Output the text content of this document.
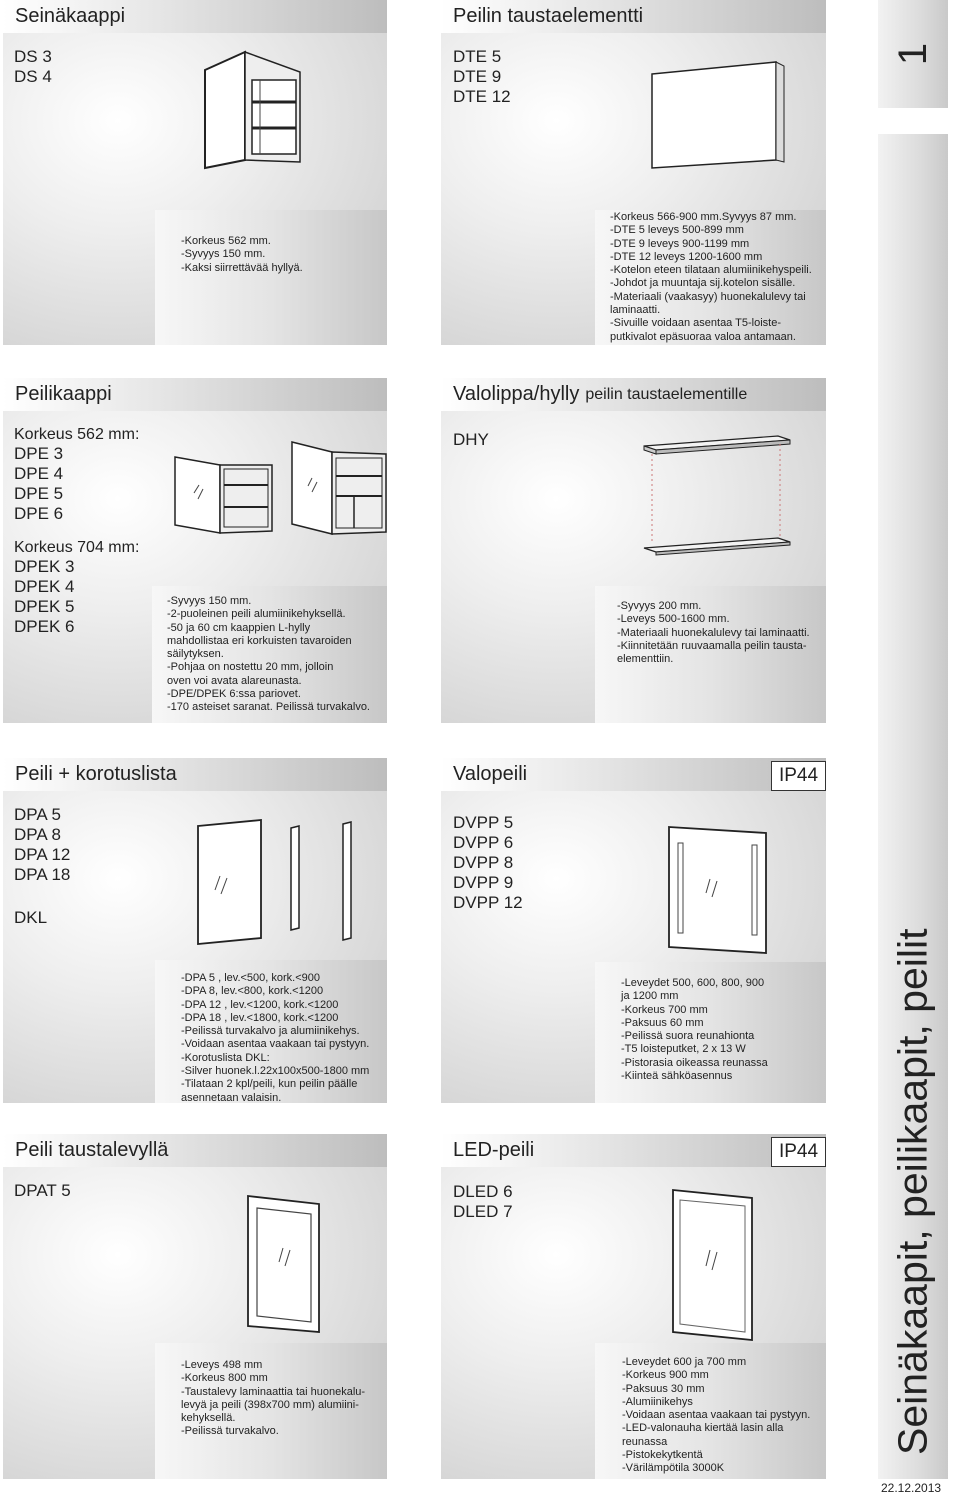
Seinäkaappi
DS 3
DS 4
-Korkeus 562 mm.
-Syvyys 150 mm.
-Kaksi siirrettävää hyllyä.
Peilin taustaelementti
DTE 5
DTE 9
DTE 12
-Korkeus 566-900 mm.Syvyys 87 mm.
-DTE 5 leveys 500-899 mm
-DTE 9 leveys 900-1199 mm
-DTE 12 leveys 1200-1600 mm
-Kotelon eteen tilataan alumiinikehyspeili.
-Johdot ja muuntaja sij.kotelon sisälle.
-Materiaali (vaakasyy) huonekalulevy tai
laminaatti.
-Sivuille voidaan asentaa T5-loiste-
putkivalot epäsuoraa valoa antamaan.
Peilikaappi
Korkeus 562 mm:
DPE 3
DPE 4
DPE 5
DPE 6
Korkeus 704 mm:
DPEK 3
DPEK 4
DPEK 5
DPEK 6
-Syvyys 150 mm.
-2-puoleinen peili alumiinikehyksellä.
-50 ja 60 cm kaappien L-hylly
mahdollistaa eri korkuisten tavaroiden
säilytyksen.
-Pohjaa on nostettu 20 mm, jolloin
oven voi avata alareunasta.
-DPE/DPEK 6:ssa pariovet.
-170 asteiset saranat. Peilissä turvakalvo.
Valolippa/hylly peilin taustaelementille
DHY
-Syvyys 200 mm.
-Leveys 500-1600 mm.
-Materiaali huonekalulevy tai laminaatti.
-Kiinnitetään ruuvaamalla peilin tausta-
elementtiin.
Peili + korotuslista
DPA 5
DPA 8
DPA 12
DPA 18
DKL
-DPA 5 , lev.<500, kork.<900
-DPA 8, lev.<800, kork.<1200
-DPA 12 , lev.<1200, kork.<1200
-DPA 18 , lev.<1800, kork.<1200
-Peilissä turvakalvo ja alumiinikehys.
-Voidaan asentaa vaakaan tai pystyyn.
-Korotuslista DKL:
-Silver huonek.l.22x100x500-1800 mm
-Tilataan 2 kpl/peili, kun peilin päälle
asennetaan valaisin.
Valopeili	IP44
DVPP 5
DVPP 6
DVPP 8
DVPP 9
DVPP 12
-Leveydet 500, 600, 800, 900
ja 1200 mm
-Korkeus 700 mm
-Paksuus 60 mm
-Peilissä suora reunahionta
-T5 loisteputket, 2 x 13 W
-Pistorasia oikeassa reunassa
-Kiinteä sähköasennus
Peili taustalevyllä
DPAT 5
-Leveys 498 mm
-Korkeus 800 mm
-Taustalevy laminaattia tai huonekalu-
levyä ja peili (398x700 mm) alumiini-
kehyksellä.
-Peilissä turvakalvo.
LED-peili	IP44
DLED 6
DLED 7
-Leveydet 600 ja 700 mm
-Korkeus 900 mm
-Paksuus 30 mm
-Alumiinikehys
-Voidaan asentaa vaakaan tai pystyyn.
-LED-valonauha kiertää lasin alla
reunassa
-Pistokekytkentä
-Värilämpötila 3000K
1
Seinäkaapit, peilikaapit, peilit
22.12.2013
